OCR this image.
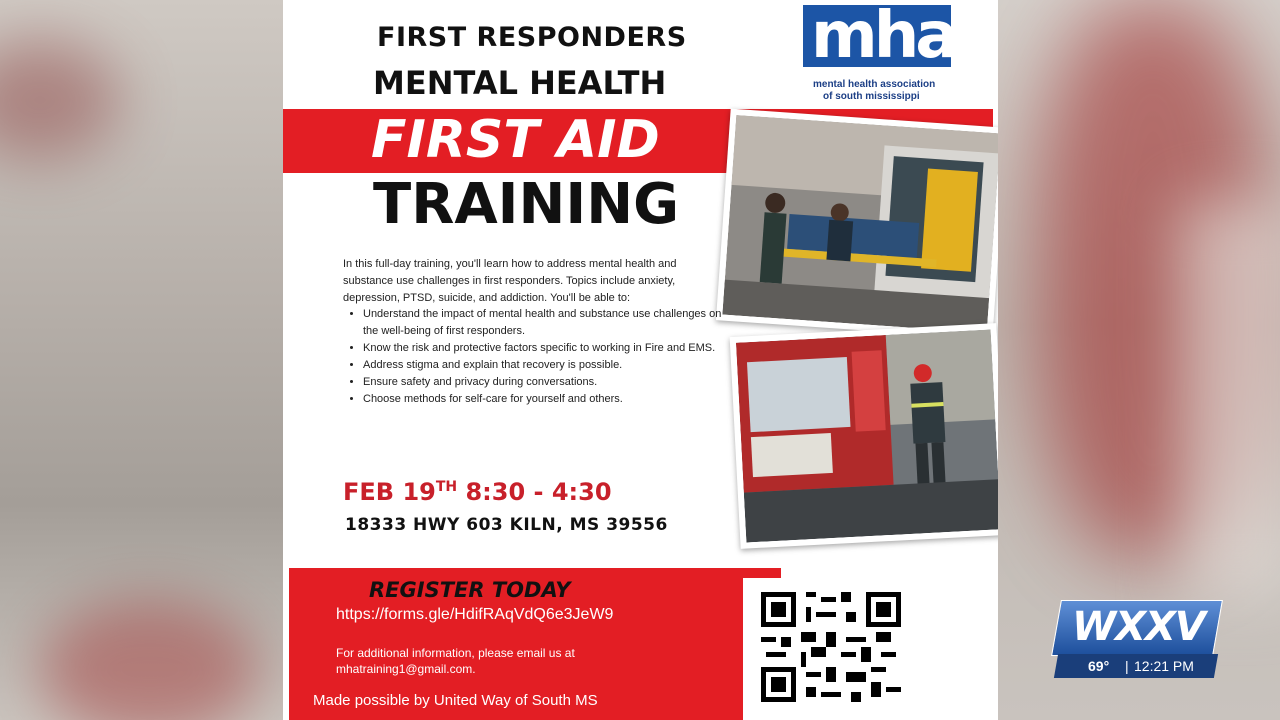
FIRST RESPONDERS
MENTAL HEALTH
FIRST AID
TRAINING
mha
mental health association
of south mississippi
In this full-day training, you'll learn how to address mental health and substance use challenges in first responders. Topics include anxiety, depression, PTSD, suicide, and addiction. You'll be able to:
• Understand the impact of mental health and substance use challenges on the well-being of first responders.
• Know the risk and protective factors specific to working in Fire and EMS.
• Address stigma and explain that recovery is possible.
• Ensure safety and privacy during conversations.
• Choose methods for self-care for yourself and others.
FEB 19TH 8:30 - 4:30
18333 HWY 603 KILN, MS 39556
REGISTER TODAY
https://forms.gle/HdifRAqVdQ6e3JeW9
For additional information, please email us at mhatraining1@gmail.com.
Made possible by United Way of South MS
WXXV
69° | 12:21 PM
